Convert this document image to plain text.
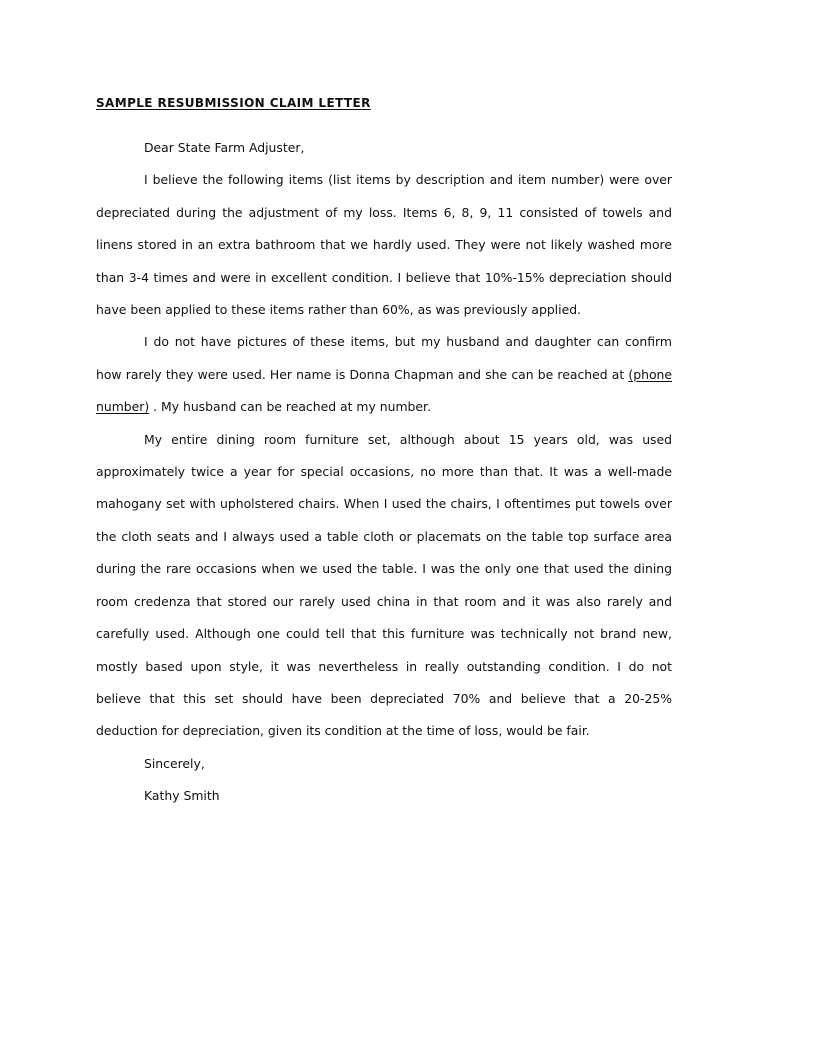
SAMPLE RESUBMISSION CLAIM LETTER

Dear State Farm Adjuster,

I believe the following items (list items by description and item number) were over depreciated during the adjustment of my loss. Items 6, 8, 9, 11 consisted of towels and linens stored in an extra bathroom that we hardly used. They were not likely washed more than 3-4 times and were in excellent condition. I believe that 10%-15% depreciation should have been applied to these items rather than 60%, as was previously applied.

I do not have pictures of these items, but my husband and daughter can confirm how rarely they were used. Her name is Donna Chapman and she can be reached at (phone number) . My husband can be reached at my number.

My entire dining room furniture set, although about 15 years old, was used approximately twice a year for special occasions, no more than that. It was a well-made mahogany set with upholstered chairs. When I used the chairs, I oftentimes put towels over the cloth seats and I always used a table cloth or placemats on the table top surface area during the rare occasions when we used the table. I was the only one that used the dining room credenza that stored our rarely used china in that room and it was also rarely and carefully used. Although one could tell that this furniture was technically not brand new, mostly based upon style, it was nevertheless in really outstanding condition. I do not believe that this set should have been depreciated 70% and believe that a 20-25% deduction for depreciation, given its condition at the time of loss, would be fair.

Sincerely,

Kathy Smith
